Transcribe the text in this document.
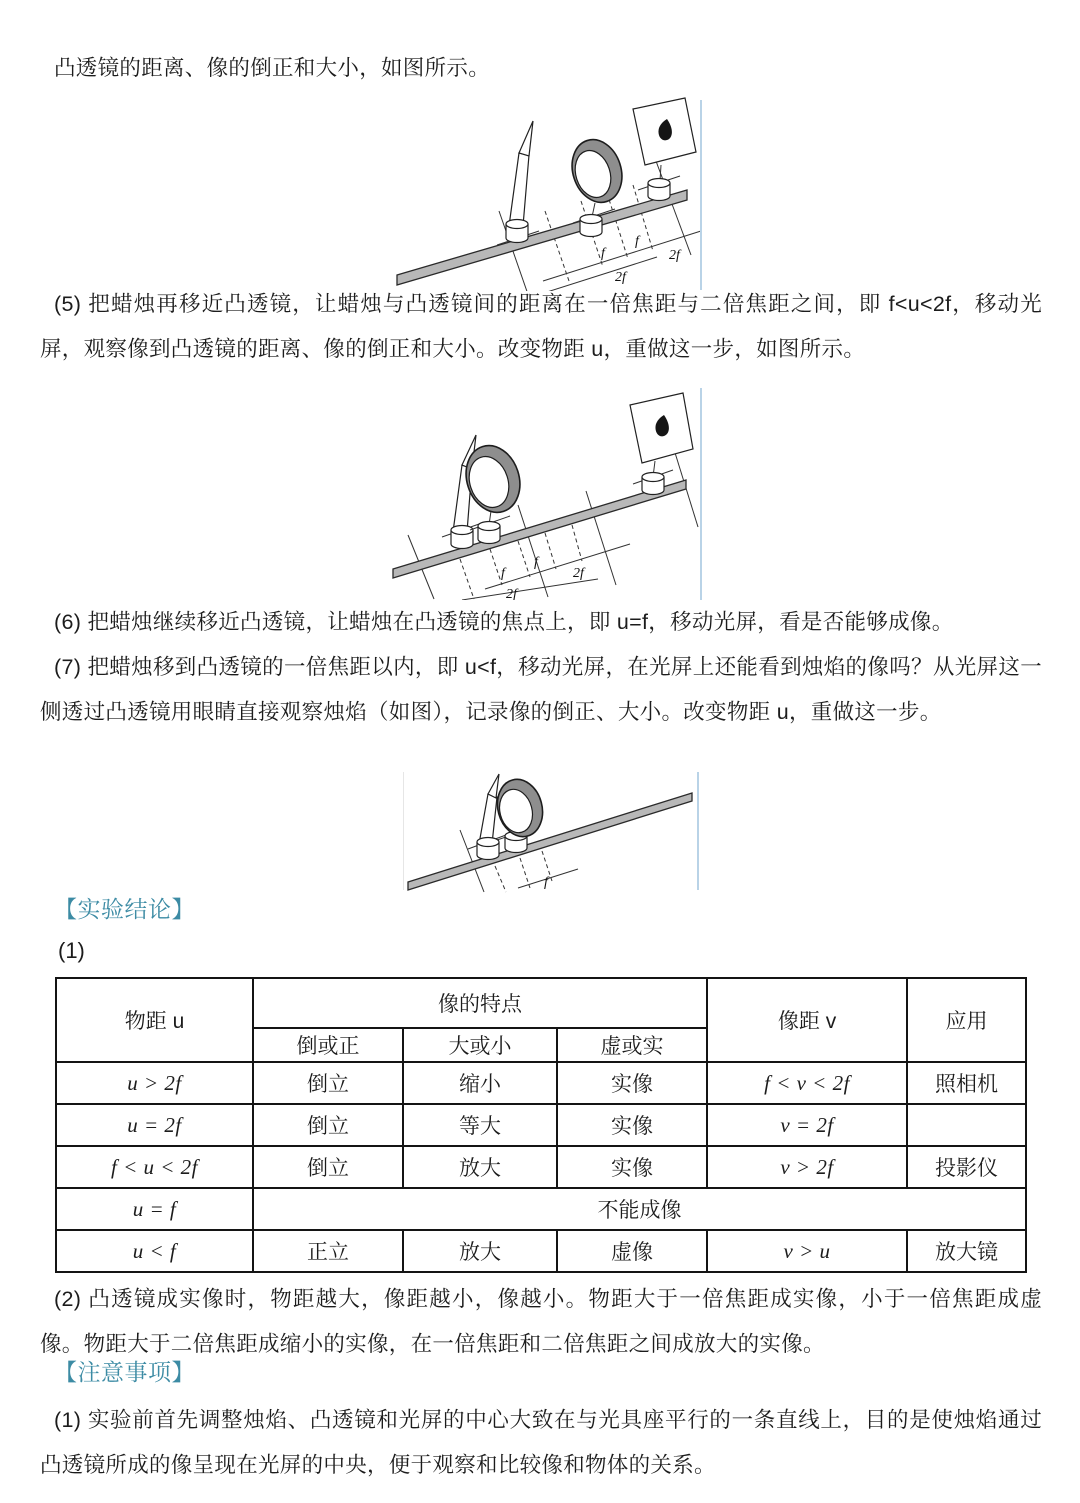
凸透镜的距离、像的倒正和大小，如图所示。
f
f
2f
2f
(5) 把蜡烛再移近凸透镜，让蜡烛与凸透镜间的距离在一倍焦距与二倍焦距之间，即 f<u<2f，移动光屏，观察像到凸透镜的距离、像的倒正和大小。改变物距 u，重做这一步，如图所示。
f
f
2f
2f
(6) 把蜡烛继续移近凸透镜，让蜡烛在凸透镜的焦点上，即 u=f，移动光屏，看是否能够成像。
(7) 把蜡烛移到凸透镜的一倍焦距以内，即 u<f，移动光屏，在光屏上还能看到烛焰的像吗？从光屏这一侧透过凸透镜用眼睛直接观察烛焰（如图），记录像的倒正、大小。改变物距 u，重做这一步。
f
【实验结论】
(1)
物距 u	像的特点			像距 v	应用
	倒或正	大或小	虚或实		
u > 2f	倒立	缩小	实像	f < v < 2f	照相机
u = 2f	倒立	等大	实像	v = 2f	
f < u < 2f	倒立	放大	实像	v > 2f	投影仪
u = f	不能成像				
u < f	正立	放大	虚像	v > u	放大镜
(2) 凸透镜成实像时，物距越大，像距越小，像越小。物距大于一倍焦距成实像，小于一倍焦距成虚像。物距大于二倍焦距成缩小的实像，在一倍焦距和二倍焦距之间成放大的实像。
【注意事项】
(1) 实验前首先调整烛焰、凸透镜和光屏的中心大致在与光具座平行的一条直线上，目的是使烛焰通过凸透镜所成的像呈现在光屏的中央，便于观察和比较像和物体的关系。
